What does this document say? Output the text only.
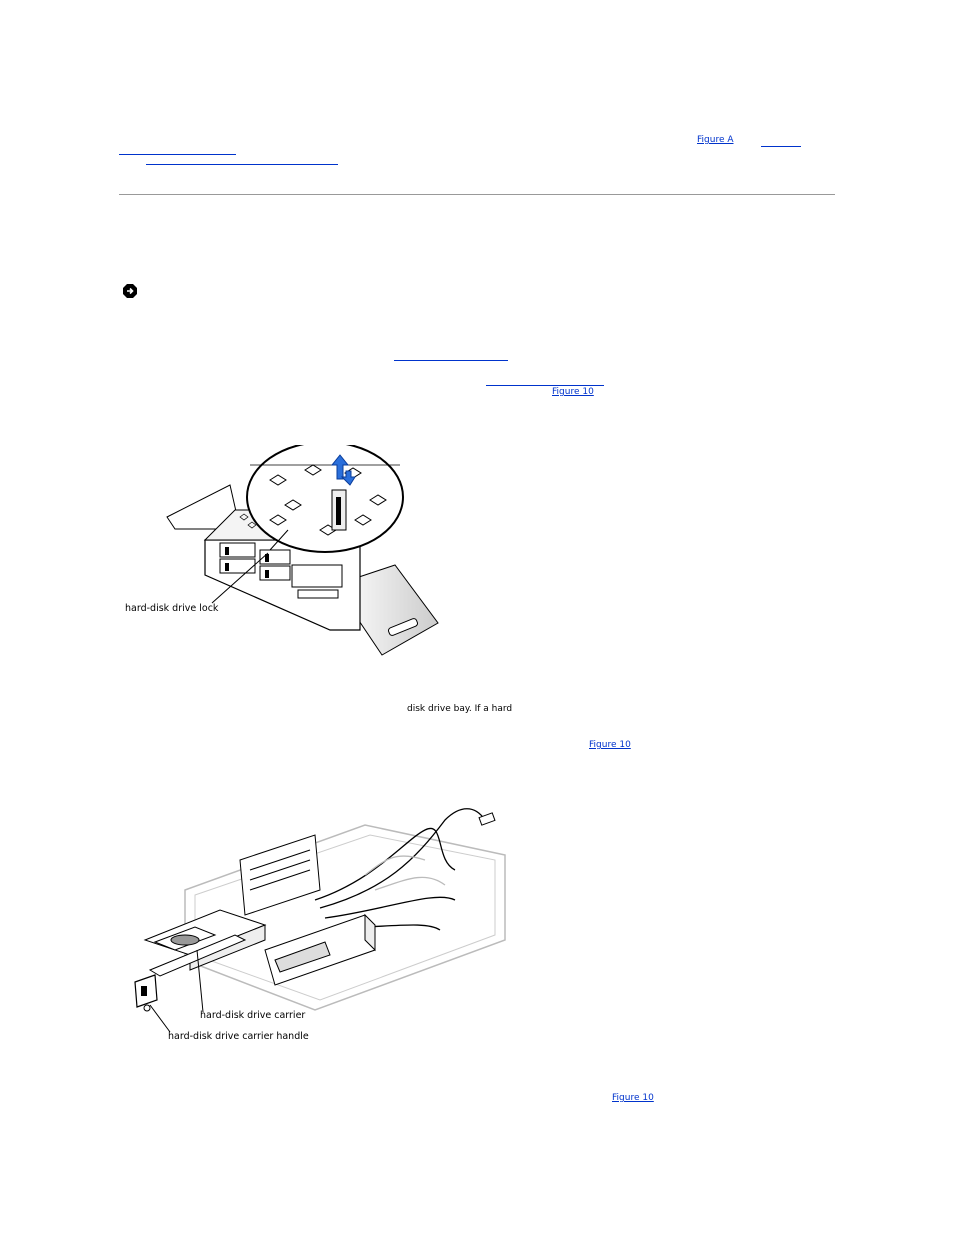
Figure A
Figure 10
hard-disk drive lock
disk drive bay. If a hard
Figure 10
hard-disk drive carrier
hard-disk drive carrier handle
Figure 10
